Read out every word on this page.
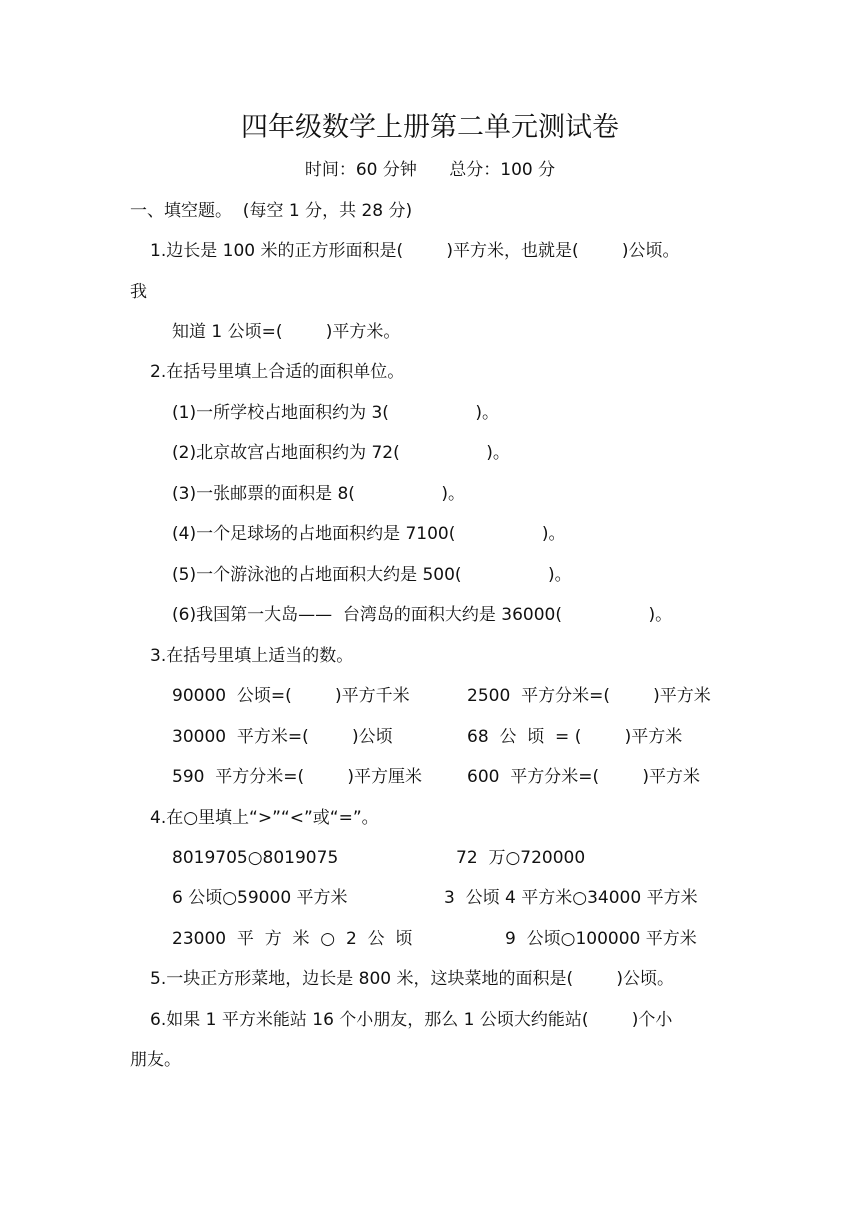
四年级数学上册第二单元测试卷
时间：60 分钟      总分：100 分
一、填空题。  (每空 1 分，共 28 分)
1.边长是 100 米的正方形面积是(        )平方米，也就是(        )公顷。
我
知道 1 公顷=(        )平方米。
2.在括号里填上合适的面积单位。
(1)一所学校占地面积约为 3(                )。
(2)北京故宫占地面积约为 72(                )。
(3)一张邮票的面积是 8(                )。
(4)一个足球场的占地面积约是 7100(                )。
(5)一个游泳池的占地面积大约是 500(                )。
(6)我国第一大岛——  台湾岛的面积大约是 36000(                )。
3.在括号里填上适当的数。
90000  公顷=(        )平方千米	2500  平方分米=(        )平方米
30000  平方米=(        )公顷	68  公  顷  = (        )平方米
590  平方分米=(        )平方厘米	600  平方分米=(        )平方米
4.在○里填上“>”“<”或“=”。
8019705○8019075	72  万○720000
6 公顷○59000 平方米	3  公顷 4 平方米○34000 平方米
23000  平  方  米  ○  2  公  顷	9  公顷○100000 平方米
5.一块正方形菜地，边长是 800 米，这块菜地的面积是(        )公顷。
6.如果 1 平方米能站 16 个小朋友，那么 1 公顷大约能站(        )个小
朋友。
